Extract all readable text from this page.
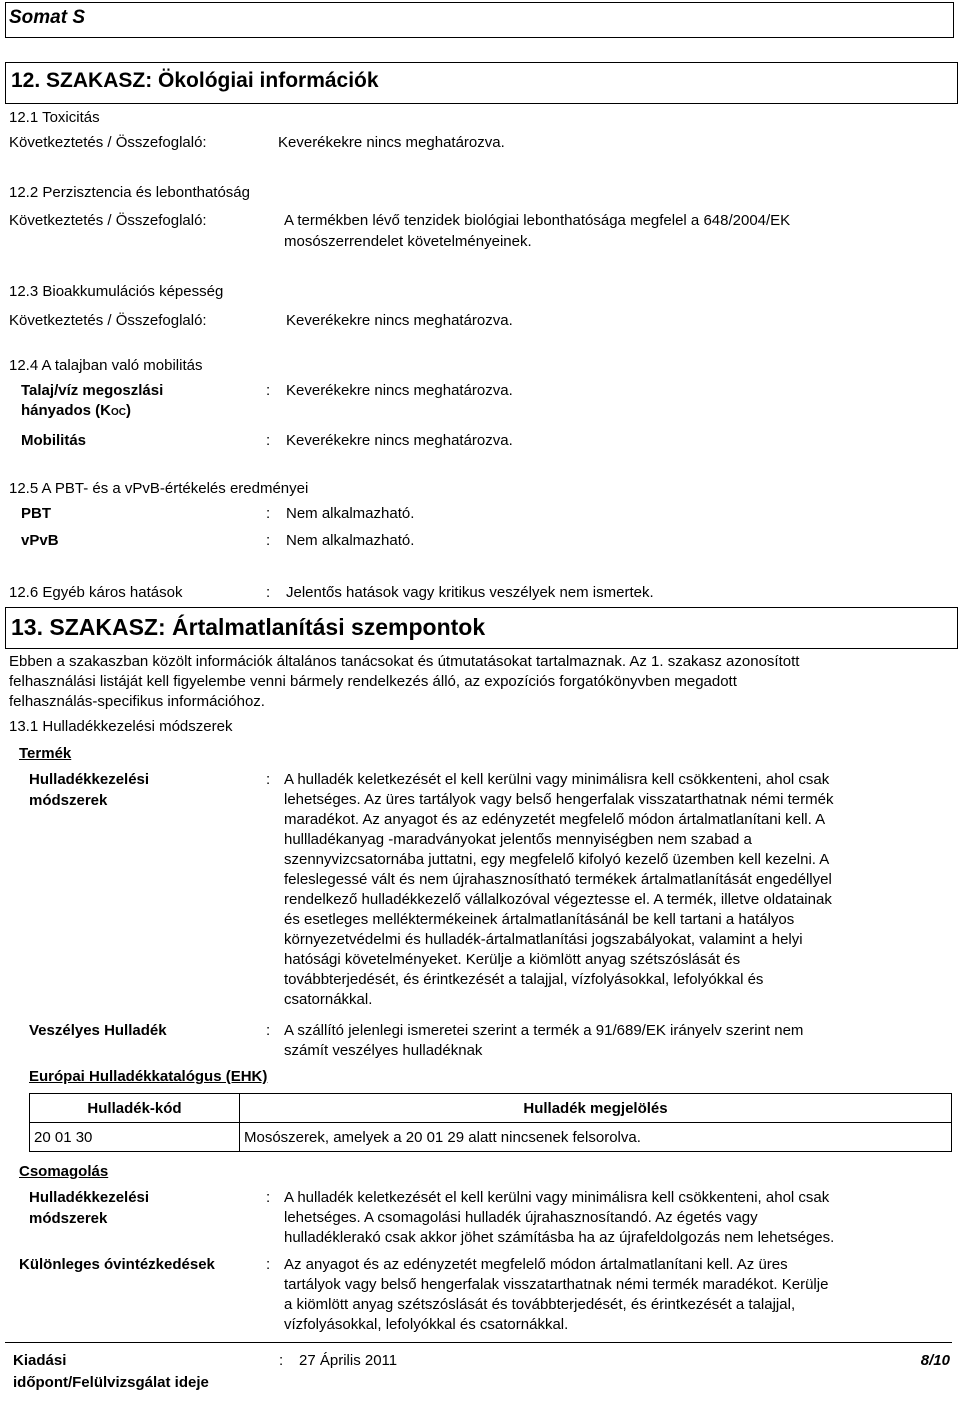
Somat S
12. SZAKASZ: Ökológiai információk
12.1 Toxicitás
Következtetés / Összefoglaló:	Keverékekre nincs meghatározva.
12.2 Perzisztencia és lebonthatóság
Következtetés / Összefoglaló:	A termékben lévő tenzidek biológiai lebonthatósága megfelel a 648/2004/EK
mosószerrendelet követelményeinek.
12.3 Bioakkumulációs képesség
Következtetés / Összefoglaló:	Keverékekre nincs meghatározva.
12.4 A talajban való mobilitás
Talaj/víz megoszlási
hányados (KOC)
: Keverékekre nincs meghatározva.
Mobilitás	: Keverékekre nincs meghatározva.
12.5 A PBT- és a vPvB-értékelés eredményei
PBT	: Nem alkalmazható.
vPvB	: Nem alkalmazható.
12.6 Egyéb káros hatások	: Jelentős hatások vagy kritikus veszélyek nem ismertek.
13. SZAKASZ: Ártalmatlanítási szempontok
Ebben a szakaszban közölt információk általános tanácsokat és útmutatásokat tartalmaznak. Az 1. szakasz azonosított
felhasználási listáját kell figyelembe venni bármely rendelkezés álló, az expozíciós forgatókönyvben megadott
felhasználás-specifikus információhoz.
13.1 Hulladékkezelési módszerek
Termék
Hulladékkezelési
módszerek
: A hulladék keletkezését el kell kerülni vagy minimálisra kell csökkenteni, ahol csak
lehetséges. Az üres tartályok vagy belső hengerfalak visszatarthatnak némi termék
maradékot. Az anyagot és az edényzetét megfelelő módon ártalmatlanítani kell. A
hullladékanyag -maradványokat jelentős mennyiségben nem szabad a
szennyvizcsatornába juttatni, egy megfelelő kifolyó kezelő üzemben kell kezelni. A
feleslegessé vált és nem újrahasznosítható termékek ártalmatlanítását engedéllyel
rendelkező hulladékkezelő vállalkozóval végeztesse el. A termék, illetve oldatainak
és esetleges melléktermékeinek ártalmatlanításánál be kell tartani a hatályos
környezetvédelmi és hulladék-ártalmatlanítási jogszabályokat, valamint a helyi
hatósági követelményeket. Kerülje a kiömlött anyag szétszóslását és
továbbterjedését, és érintkezését a talajjal, vízfolyásokkal, lefolyókkal és
csatornákkal.
Veszélyes Hulladék	: A szállító jelenlegi ismeretei szerint a termék a 91/689/EK irányelv szerint nem
számít veszélyes hulladéknak
Európai Hulladékkatalógus (EHK)
Hulladék-kód	Hulladék megjelölés
20 01 30	Mosószerek, amelyek a 20 01 29 alatt nincsenek felsorolva.
Csomagolás
Hulladékkezelési
módszerek
: A hulladék keletkezését el kell kerülni vagy minimálisra kell csökkenteni, ahol csak
lehetséges. A csomagolási hulladék újrahasznosítandó. Az égetés vagy
hulladéklerakó csak akkor jöhet számításba ha az újrafeldolgozás nem lehetséges.
Különleges óvintézkedések	: Az anyagot és az edényzetét megfelelő módon ártalmatlanítani kell. Az üres
tartályok vagy belső hengerfalak visszatarthatnak némi termék maradékot. Kerülje
a kiömlött anyag szétszóslását és továbbterjedését, és érintkezését a talajjal,
vízfolyásokkal, lefolyókkal és csatornákkal.
Kiadási
időpont/Felülvizsgálat ideje
: 27 Április 2011	8/10
